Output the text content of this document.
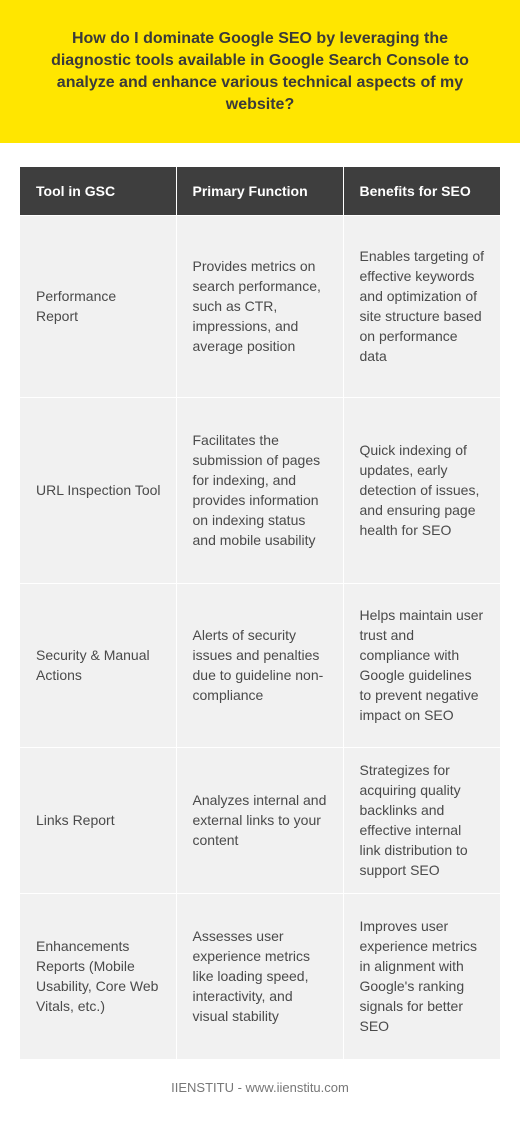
How do I dominate Google SEO by leveraging the diagnostic tools available in Google Search Console to analyze and enhance various technical aspects of my website?
Tool in GSC	Primary Function	Benefits for SEO
Performance Report	Provides metrics on search performance, such as CTR, impressions, and average position	Enables targeting of effective keywords and optimization of site structure based on performance data
URL Inspection Tool	Facilitates the submission of pages for indexing, and provides information on indexing status and mobile usability	Quick indexing of updates, early detection of issues, and ensuring page health for SEO
Security & Manual Actions	Alerts of security issues and penalties due to guideline non-compliance	Helps maintain user trust and compliance with Google guidelines to prevent negative impact on SEO
Links Report	Analyzes internal and external links to your content	Strategizes for acquiring quality backlinks and effective internal link distribution to support SEO
Enhancements Reports (Mobile Usability, Core Web Vitals, etc.)	Assesses user experience metrics like loading speed, interactivity, and visual stability	Improves user experience metrics in alignment with Google's ranking signals for better SEO
IIENSTITU - www.iienstitu.com
